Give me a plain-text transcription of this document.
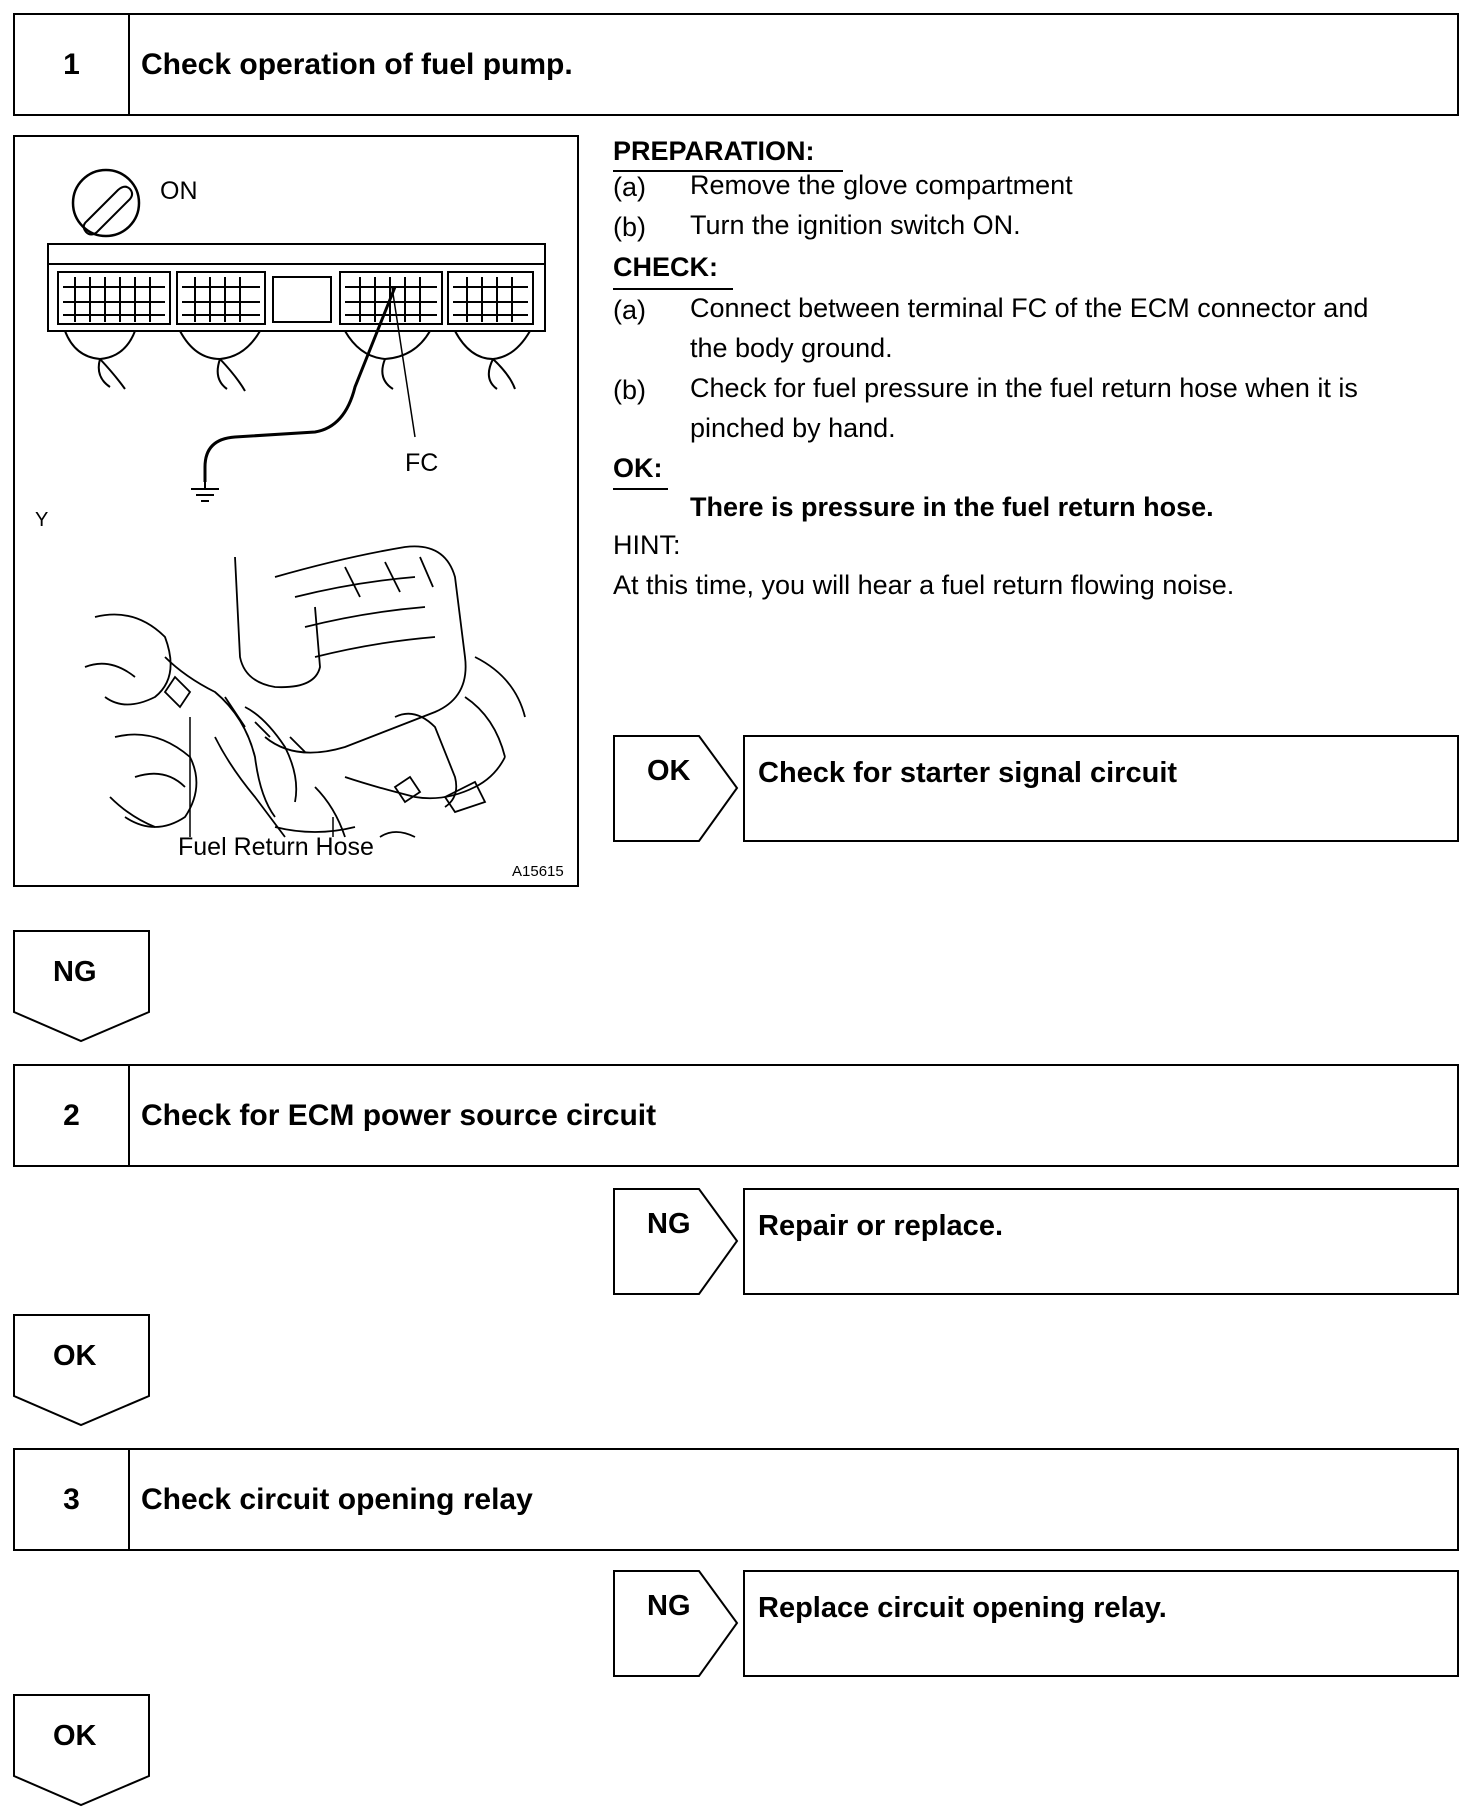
1	Check operation of fuel pump.
ON
FC
Y
Fuel Return Hose
A15615
PREPARATION:
(a) Remove the glove compartment
(b) Turn the ignition switch ON.
CHECK:
(a) Connect between terminal FC of the ECM connector and
the body ground.
(b) Check for fuel pressure in the fuel return hose when it is
pinched by hand.
OK:
There is pressure in the fuel return hose.
HINT:
At this time, you will hear a fuel return flowing noise.
OK Check for starter signal circuit
NG
2	Check for ECM power source circuit
NG Repair or replace.
OK
3	Check circuit opening relay
NG Replace circuit opening relay.
OK
